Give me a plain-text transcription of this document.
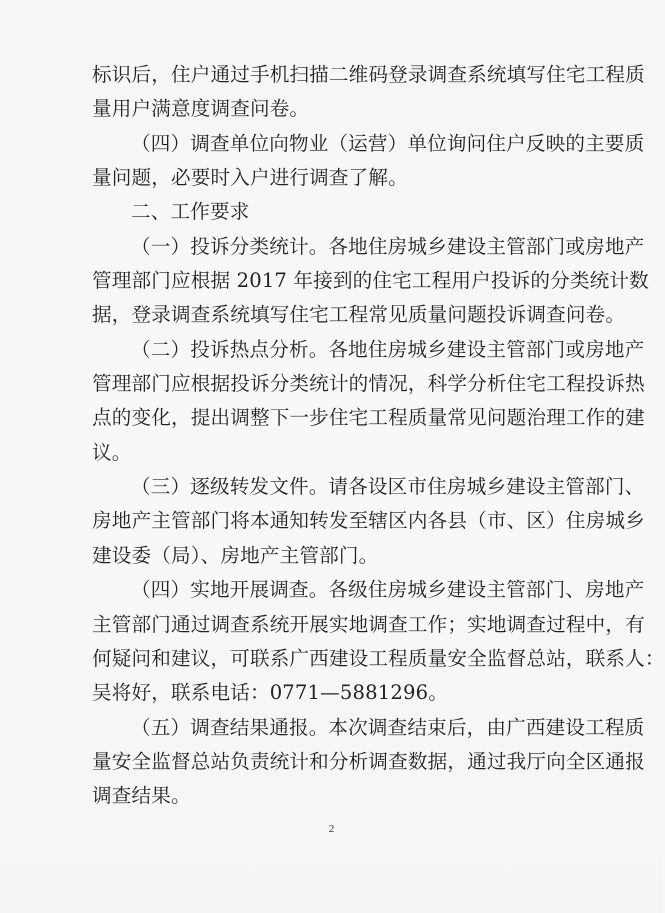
标识后，住户通过手机扫描二维码登录调查系统填写住宅工程质
量用户满意度调查问卷。
（四）调查单位向物业（运营）单位询问住户反映的主要质
量问题，必要时入户进行调查了解。
二、工作要求
（一）投诉分类统计。各地住房城乡建设主管部门或房地产
管理部门应根据 2017 年接到的住宅工程用户投诉的分类统计数
据，登录调查系统填写住宅工程常见质量问题投诉调查问卷。
（二）投诉热点分析。各地住房城乡建设主管部门或房地产
管理部门应根据投诉分类统计的情况，科学分析住宅工程投诉热
点的变化，提出调整下一步住宅工程质量常见问题治理工作的建
议。
（三）逐级转发文件。请各设区市住房城乡建设主管部门、
房地产主管部门将本通知转发至辖区内各县（市、区）住房城乡
建设委（局）、房地产主管部门。
（四）实地开展调查。各级住房城乡建设主管部门、房地产
主管部门通过调查系统开展实地调查工作；实地调查过程中，有
何疑问和建议，可联系广西建设工程质量安全监督总站，联系人：
吴将好，联系电话：0771—5881296。
（五）调查结果通报。本次调查结束后，由广西建设工程质
量安全监督总站负责统计和分析调查数据，通过我厅向全区通报
调查结果。
2
